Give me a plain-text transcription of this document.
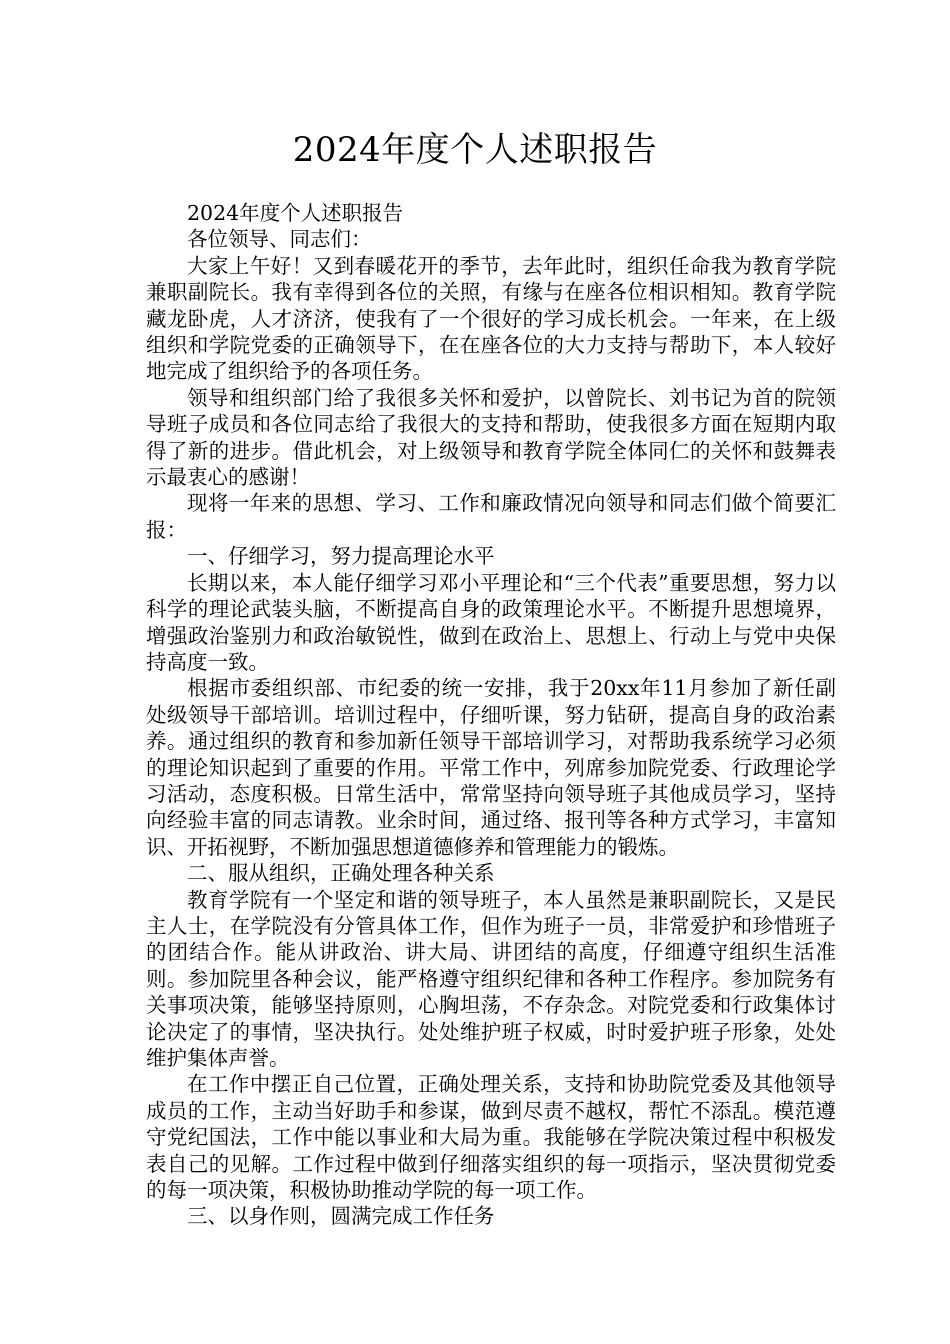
2024年度个人述职报告

2024年度个人述职报告

各位领导、同志们：

大家上午好！又到春暖花开的季节，去年此时，组织任命我为教育学院兼职副院长。我有幸得到各位的关照，有缘与在座各位相识相知。教育学院藏龙卧虎，人才济济，使我有了一个很好的学习成长机会。一年来，在上级组织和学院党委的正确领导下，在在座各位的大力支持与帮助下，本人较好地完成了组织给予的各项任务。

领导和组织部门给了我很多关怀和爱护，以曾院长、刘书记为首的院领导班子成员和各位同志给了我很大的支持和帮助，使我很多方面在短期内取得了新的进步。借此机会，对上级领导和教育学院全体同仁的关怀和鼓舞表示最衷心的感谢！

现将一年来的思想、学习、工作和廉政情况向领导和同志们做个简要汇报：

一、仔细学习，努力提高理论水平

长期以来，本人能仔细学习邓小平理论和“三个代表”重要思想，努力以科学的理论武装头脑，不断提高自身的政策理论水平。不断提升思想境界，增强政治鉴别力和政治敏锐性，做到在政治上、思想上、行动上与党中央保持高度一致。

根据市委组织部、市纪委的统一安排，我于20xx年11月参加了新任副处级领导干部培训。培训过程中，仔细听课，努力钻研，提高自身的政治素养。通过组织的教育和参加新任领导干部培训学习，对帮助我系统学习必须的理论知识起到了重要的作用。平常工作中，列席参加院党委、行政理论学习活动，态度积极。日常生活中，常常坚持向领导班子其他成员学习，坚持向经验丰富的同志请教。业余时间，通过络、报刊等各种方式学习，丰富知识、开拓视野，不断加强思想道德修养和管理能力的锻炼。

二、服从组织，正确处理各种关系

教育学院有一个坚定和谐的领导班子，本人虽然是兼职副院长，又是民主人士，在学院没有分管具体工作，但作为班子一员，非常爱护和珍惜班子的团结合作。能从讲政治、讲大局、讲团结的高度，仔细遵守组织生活准则。参加院里各种会议，能严格遵守组织纪律和各种工作程序。参加院务有关事项决策，能够坚持原则，心胸坦荡，不存杂念。对院党委和行政集体讨论决定了的事情，坚决执行。处处维护班子权威，时时爱护班子形象，处处维护集体声誉。

在工作中摆正自己位置，正确处理关系，支持和协助院党委及其他领导成员的工作，主动当好助手和参谋，做到尽责不越权，帮忙不添乱。模范遵守党纪国法，工作中能以事业和大局为重。我能够在学院决策过程中积极发表自己的见解。工作过程中做到仔细落实组织的每一项指示，坚决贯彻党委的每一项决策，积极协助推动学院的每一项工作。

三、以身作则，圆满完成工作任务
